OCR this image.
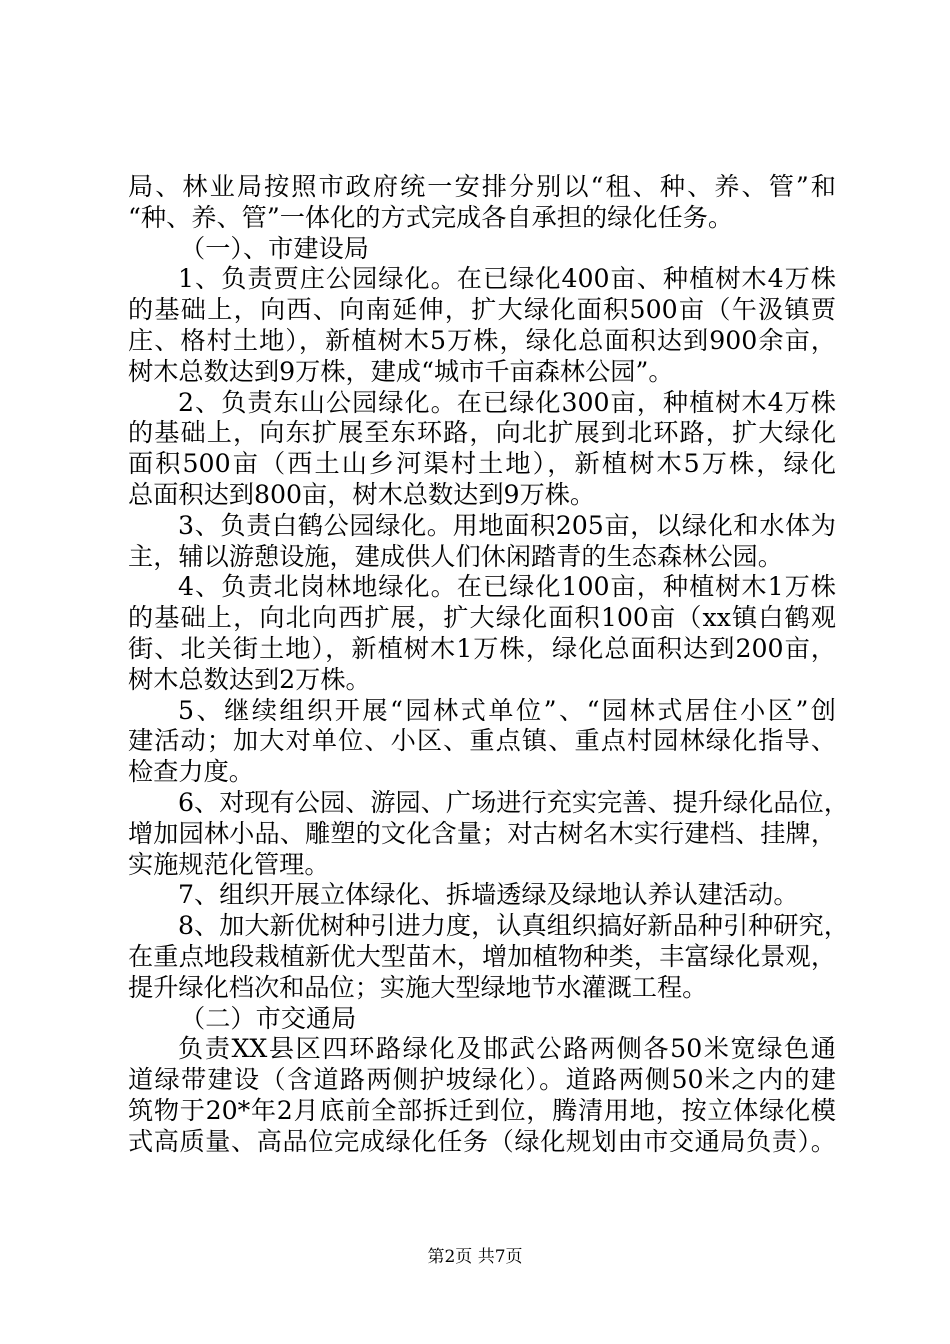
局、林业局按照市政府统一安排分别以“租、种、养、管”和
“种、养、管”一体化的方式完成各自承担的绿化任务。
（一）、市建设局
1、负责贾庄公园绿化。在已绿化400亩、种植树木4万株
的基础上，向西、向南延伸，扩大绿化面积500亩（午汲镇贾
庄、格村土地），新植树木5万株，绿化总面积达到900余亩，
树木总数达到9万株，建成“城市千亩森林公园”。
2、负责东山公园绿化。在已绿化300亩，种植树木4万株
的基础上，向东扩展至东环路，向北扩展到北环路，扩大绿化
面积500亩（西土山乡河渠村土地），新植树木5万株，绿化
总面积达到800亩，树木总数达到9万株。
3、负责白鹤公园绿化。用地面积205亩，以绿化和水体为
主，辅以游憩设施，建成供人们休闲踏青的生态森林公园。
4、负责北岗林地绿化。在已绿化100亩，种植树木1万株
的基础上，向北向西扩展，扩大绿化面积100亩（xx镇白鹤观
街、北关街土地），新植树木1万株，绿化总面积达到200亩，
树木总数达到2万株。
5、继续组织开展“园林式单位”、“园林式居住小区”创
建活动；加大对单位、小区、重点镇、重点村园林绿化指导、
检查力度。
6、对现有公园、游园、广场进行充实完善、提升绿化品位，
增加园林小品、雕塑的文化含量；对古树名木实行建档、挂牌，
实施规范化管理。
7、组织开展立体绿化、拆墙透绿及绿地认养认建活动。
8、加大新优树种引进力度，认真组织搞好新品种引种研究，
在重点地段栽植新优大型苗木，增加植物种类，丰富绿化景观，
提升绿化档次和品位；实施大型绿地节水灌溉工程。
（二）市交通局
负责XX县区四环路绿化及邯武公路两侧各50米宽绿色通
道绿带建设（含道路两侧护坡绿化）。道路两侧50米之内的建
筑物于20*年2月底前全部拆迁到位，腾清用地，按立体绿化模
式高质量、高品位完成绿化任务（绿化规划由市交通局负责）。
第2页 共7页
